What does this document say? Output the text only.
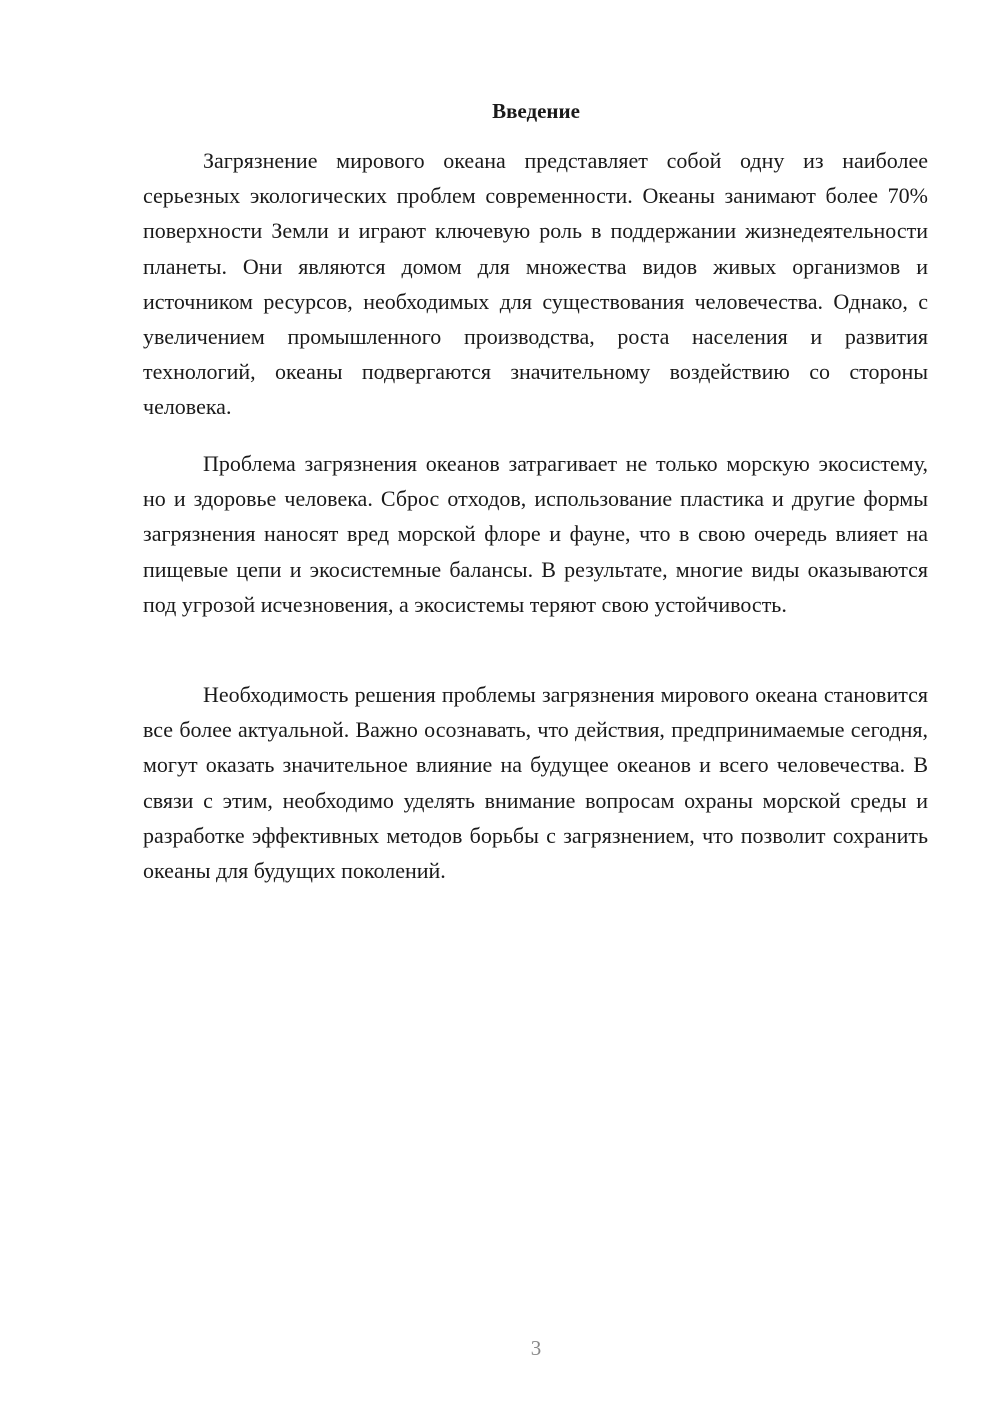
Введение

Загрязнение мирового океана представляет собой одну из наиболее серьезных экологических проблем современности. Океаны занимают более 70% поверхности Земли и играют ключевую роль в поддержании жизнедеятельности планеты. Они являются домом для множества видов живых организмов и источником ресурсов, необходимых для существования человечества. Однако, с увеличением промышленного производства, роста населения и развития технологий, океаны подвергаются значительному воздействию со стороны человека.

Проблема загрязнения океанов затрагивает не только морскую экосистему, но и здоровье человека. Сброс отходов, использование пластика и другие формы загрязнения наносят вред морской флоре и фауне, что в свою очередь влияет на пищевые цепи и экосистемные балансы. В результате, многие виды оказываются под угрозой исчезновения, а экосистемы теряют свою устойчивость.

Необходимость решения проблемы загрязнения мирового океана становится все более актуальной. Важно осознавать, что действия, предпринимаемые сегодня, могут оказать значительное влияние на будущее океанов и всего человечества. В связи с этим, необходимо уделять внимание вопросам охраны морской среды и разработке эффективных методов борьбы с загрязнением, что позволит сохранить океаны для будущих поколений.

3
